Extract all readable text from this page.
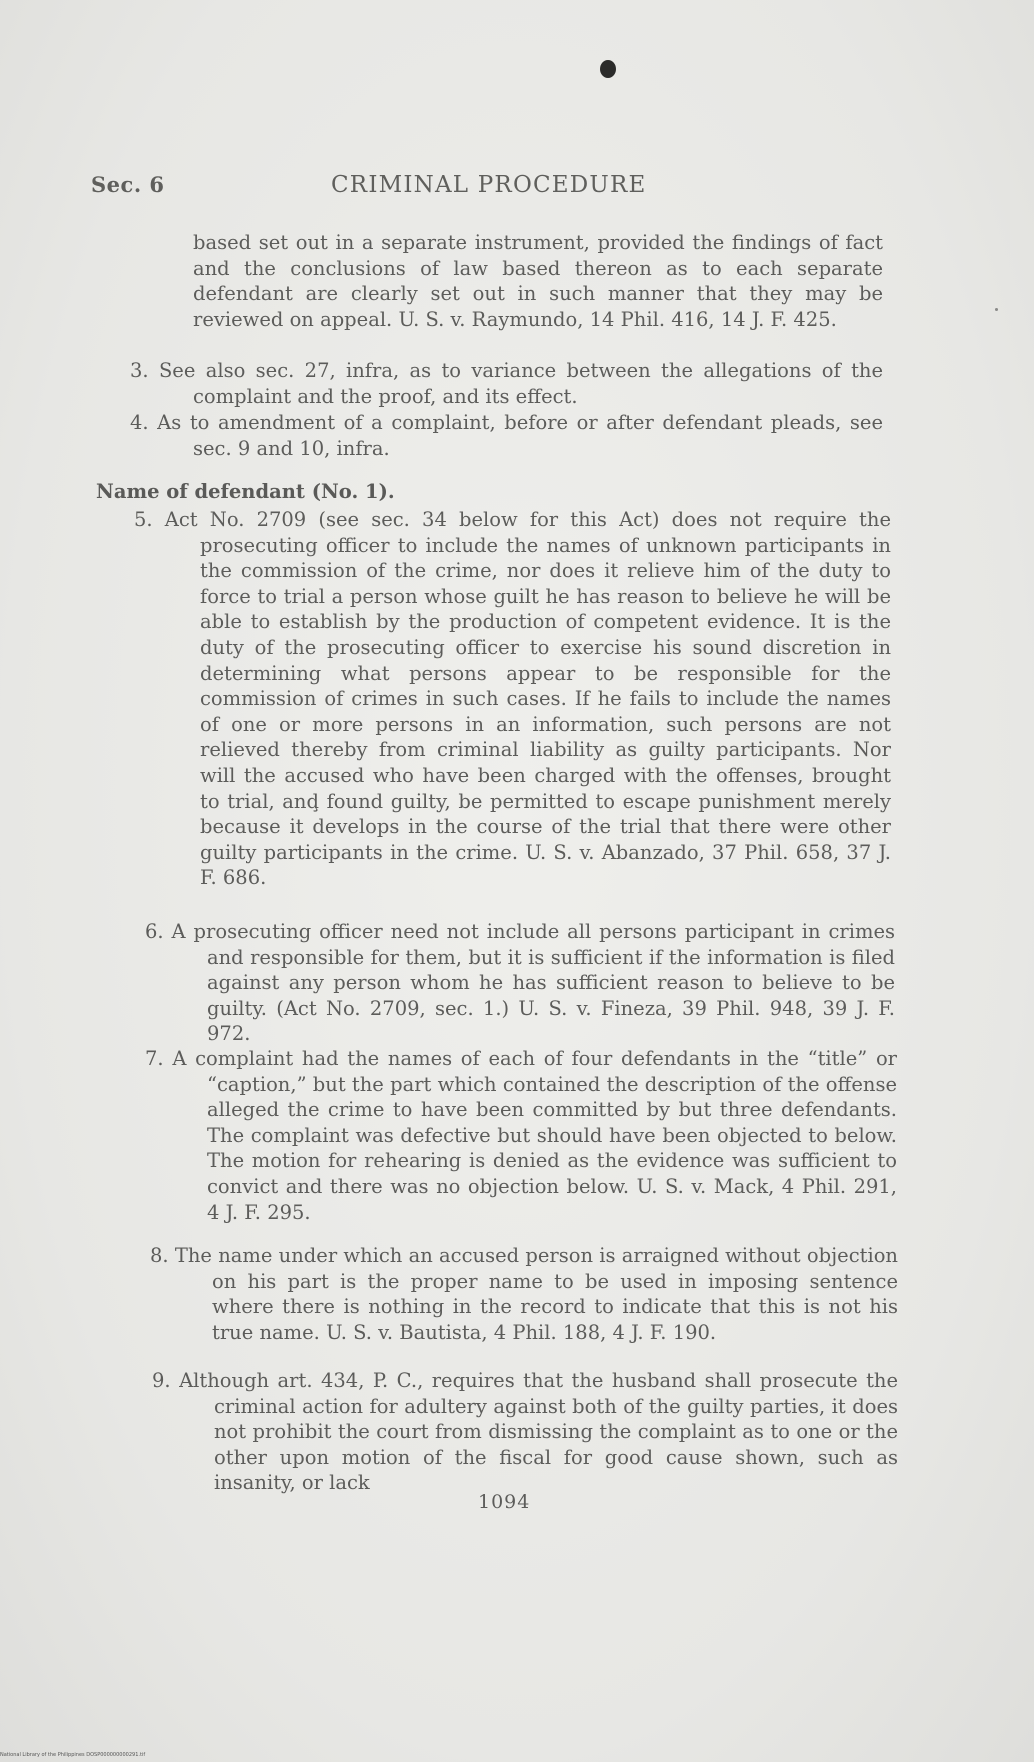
Sec. 6	CRIMINAL PROCEDURE
based set out in a separate instrument, provided the findings of fact and the conclusions of law based thereon as to each separate defendant are clearly set out in such manner that they may be reviewed on appeal. U. S. v. Raymundo, 14 Phil. 416, 14 J. F. 425.
3. See also sec. 27, infra, as to variance between the allegations of the complaint and the proof, and its effect.
4. As to amendment of a complaint, before or after defendant pleads, see sec. 9 and 10, infra.
Name of defendant (No. 1).
5. Act No. 2709 (see sec. 34 below for this Act) does not require the prosecuting officer to include the names of unknown participants in the commission of the crime, nor does it relieve him of the duty to force to trial a person whose guilt he has reason to believe he will be able to establish by the production of competent evidence. It is the duty of the prosecuting officer to exercise his sound discretion in determining what persons appear to be responsible for the commission of crimes in such cases. If he fails to include the names of one or more persons in an information, such persons are not relieved thereby from criminal liability as guilty participants. Nor will the accused who have been charged with the offenses, brought to trial, anḑ found guilty, be permitted to escape punishment merely because it develops in the course of the trial that there were other guilty participants in the crime. U. S. v. Abanzado, 37 Phil. 658, 37 J. F. 686.
6. A prosecuting officer need not include all persons participant in crimes and responsible for them, but it is sufficient if the information is filed against any person whom he has sufficient reason to believe to be guilty. (Act No. 2709, sec. 1.) U. S. v. Fineza, 39 Phil. 948, 39 J. F. 972.
7. A complaint had the names of each of four defendants in the “title” or “caption,” but the part which contained the description of the offense alleged the crime to have been committed by but three defendants. The complaint was defective but should have been objected to below. The motion for rehearing is denied as the evidence was sufficient to convict and there was no objection below. U. S. v. Mack, 4 Phil. 291, 4 J. F. 295.
8. The name under which an accused person is arraigned without objection on his part is the proper name to be used in imposing sentence where there is nothing in the record to indicate that this is not his true name. U. S. v. Bautista, 4 Phil. 188, 4 J. F. 190.
9. Although art. 434, P. C., requires that the husband shall prosecute the criminal action for adultery against both of the guilty parties, it does not prohibit the court from dismissing the complaint as to one or the other upon motion of the fiscal for good cause shown, such as insanity, or lack
1094
National Library of the Philippines DOSP000000000291.tif
